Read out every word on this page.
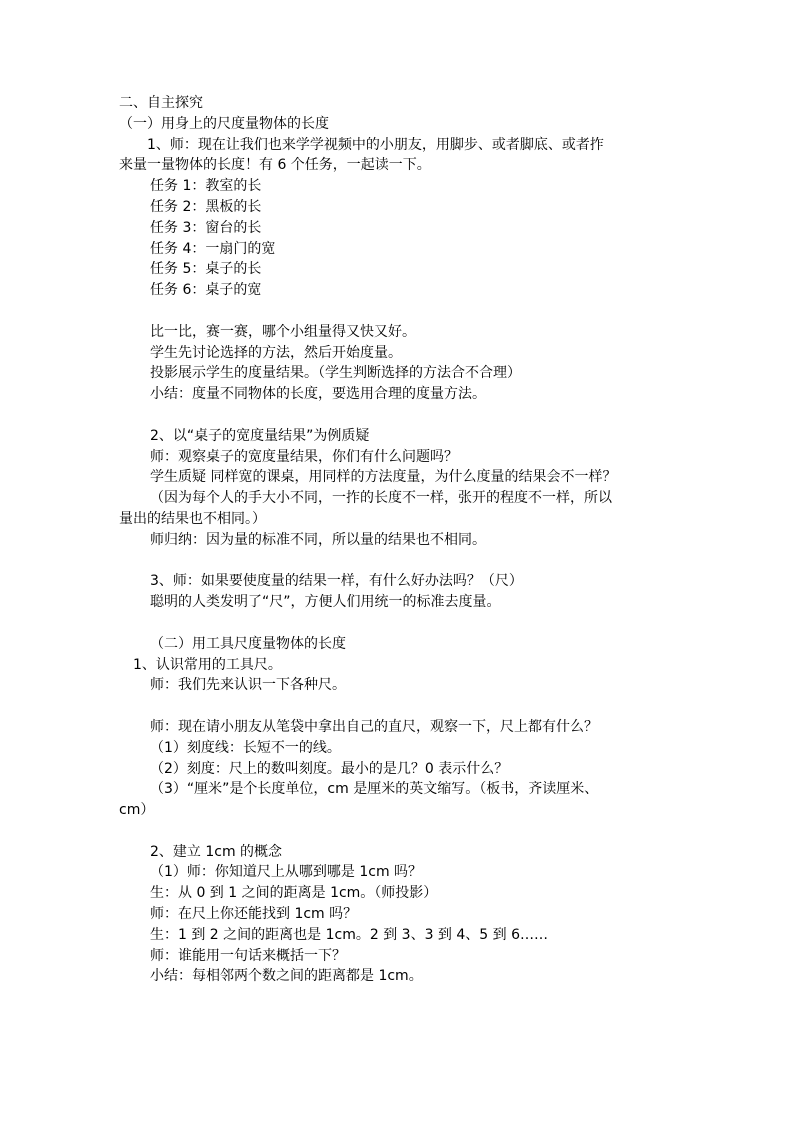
二、自主探究
（一）用身上的尺度量物体的长度
1、师：现在让我们也来学学视频中的小朋友，用脚步、或者脚底、或者拃
来量一量物体的长度！有 6 个任务，一起读一下。
任务 1：教室的长
任务 2：黑板的长
任务 3：窗台的长
任务 4：一扇门的宽
任务 5：桌子的长
任务 6：桌子的宽
比一比，赛一赛，哪个小组量得又快又好。
学生先讨论选择的方法，然后开始度量。
投影展示学生的度量结果。（学生判断选择的方法合不合理）
小结：度量不同物体的长度，要选用合理的度量方法。
2、以“桌子的宽度量结果”为例质疑
师：观察桌子的宽度量结果，你们有什么问题吗？
学生质疑 同样宽的课桌，用同样的方法度量，为什么度量的结果会不一样？
（因为每个人的手大小不同，一拃的长度不一样，张开的程度不一样，所以
量出的结果也不相同。）
师归纳：因为量的标准不同，所以量的结果也不相同。
3、师：如果要使度量的结果一样，有什么好办法吗？（尺）
聪明的人类发明了“尺”，方便人们用统一的标准去度量。
（二）用工具尺度量物体的长度
1、认识常用的工具尺。
师：我们先来认识一下各种尺。
师：现在请小朋友从笔袋中拿出自己的直尺，观察一下，尺上都有什么？
（1）刻度线：长短不一的线。
（2）刻度：尺上的数叫刻度。最小的是几？0 表示什么？
（3）“厘米”是个长度单位，cm 是厘米的英文缩写。（板书，齐读厘米、
cm）
2、建立 1cm 的概念
（1）师：你知道尺上从哪到哪是 1cm 吗？
生：从 0 到 1 之间的距离是 1cm。（师投影）
师：在尺上你还能找到 1cm 吗？
生：1 到 2 之间的距离也是 1cm。2 到 3、3 到 4、5 到 6……
师：谁能用一句话来概括一下？
小结：每相邻两个数之间的距离都是 1cm。
